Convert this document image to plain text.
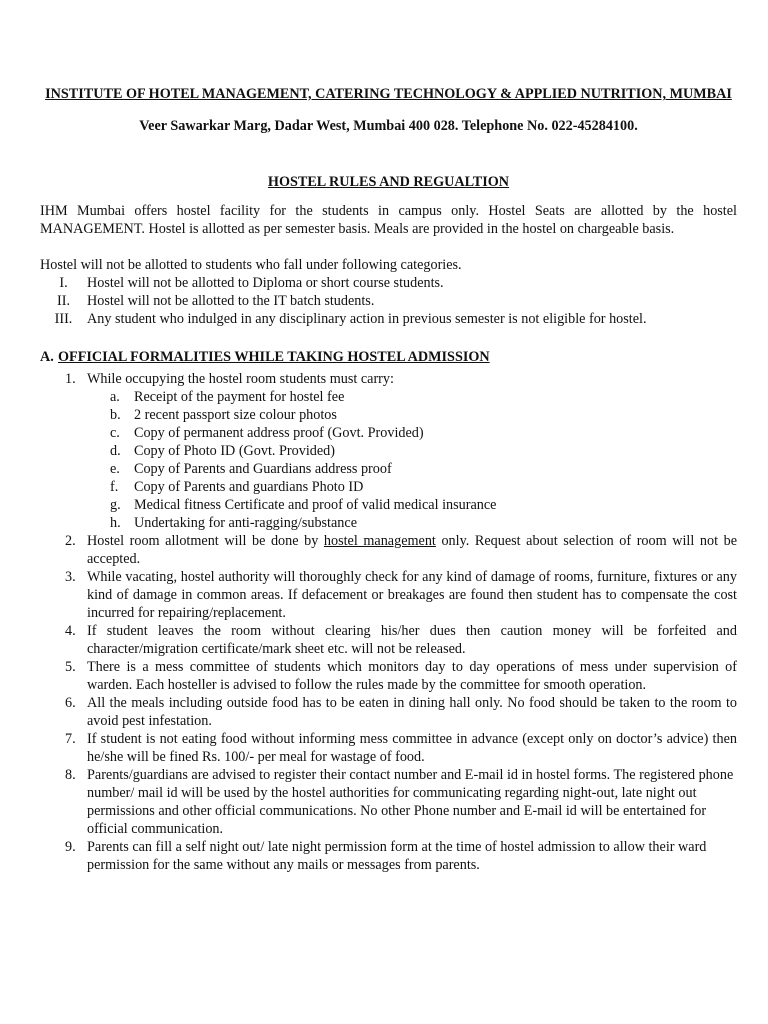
INSTITUTE OF HOTEL MANAGEMENT, CATERING TECHNOLOGY & APPLIED NUTRITION, MUMBAI
Veer Sawarkar Marg, Dadar West, Mumbai 400 028. Telephone No. 022-45284100.
HOSTEL RULES AND REGUALTION
IHM Mumbai offers hostel facility for the students in campus only. Hostel Seats are allotted by the hostel MANAGEMENT. Hostel is allotted as per semester basis. Meals are provided in the hostel on chargeable basis.
Hostel will not be allotted to students who fall under following categories.
I.	Hostel will not be allotted to Diploma or short course students.
II.	Hostel will not be allotted to the IT batch students.
III.	Any student who indulged in any disciplinary action in previous semester is not eligible for hostel.
A. OFFICIAL FORMALITIES WHILE TAKING HOSTEL ADMISSION
1. While occupying the hostel room students must carry:
a. Receipt of the payment for hostel fee
b. 2 recent passport size colour photos
c. Copy of permanent address proof (Govt. Provided)
d. Copy of Photo ID (Govt. Provided)
e. Copy of Parents and Guardians address proof
f.	Copy of Parents and guardians Photo ID
g. Medical fitness Certificate and proof of valid medical insurance
h. Undertaking for anti-ragging/substance
2. Hostel room allotment will be done by hostel management only. Request about selection of room will not be accepted.
3. While vacating, hostel authority will thoroughly check for any kind of damage of rooms, furniture, fixtures or any kind of damage in common areas. If defacement or breakages are found then student has to compensate the cost incurred for repairing/replacement.
4. If student leaves the room without clearing his/her dues then caution money will be forfeited and character/migration certificate/mark sheet etc. will not be released.
5. There is a mess committee of students which monitors day to day operations of mess under supervision of warden. Each hosteller is advised to follow the rules made by the committee for smooth operation.
6. All the meals including outside food has to be eaten in dining hall only. No food should be taken to the room to avoid pest infestation.
7. If student is not eating food without informing mess committee in advance (except only on doctor’s advice) then he/she will be fined Rs. 100/- per meal for wastage of food.
8. Parents/guardians are advised to register their contact number and E-mail id in hostel forms. The registered phone number/ mail id will be used by the hostel authorities for communicating regarding night-out, late night out permissions and other official communications. No other Phone number and E-mail id will be entertained for official communication.
9. Parents can fill a self night out/ late night permission form at the time of hostel admission to allow their ward permission for the same without any mails or messages from parents.
